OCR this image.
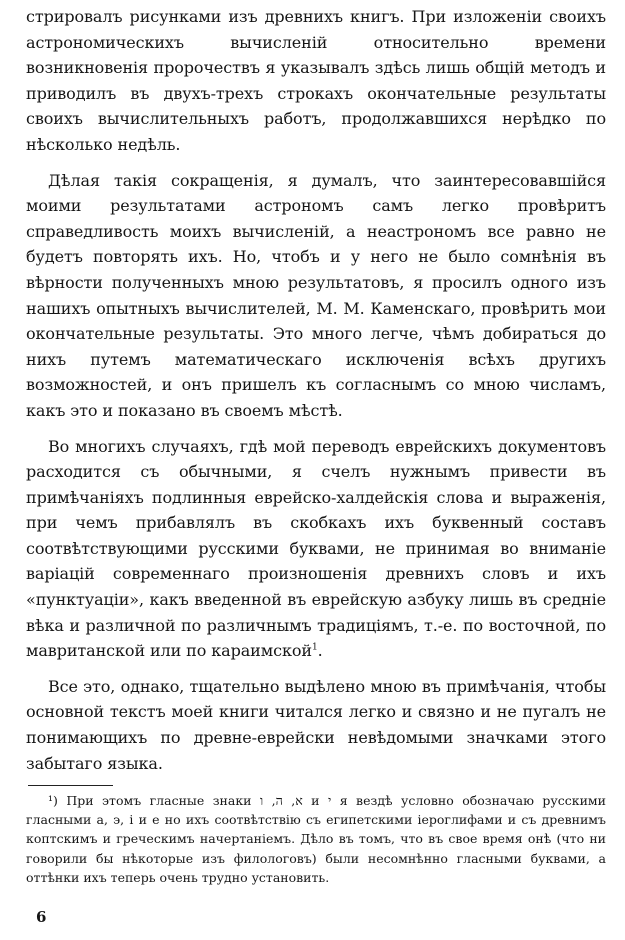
стрировалъ рисунками изъ древнихъ книгъ. При изложеніи своихъ астрономическихъ вычисленій относительно времени возникновенія пророчествъ я указывалъ здѣсь лишь общій методъ и приводилъ въ двухъ-трехъ строкахъ окончательные результаты своихъ вычислительныхъ работъ, продолжавшихся нерѣдко по нѣсколько недѣль.

Дѣлая такія сокращенія, я думалъ, что заинтересовавшійся моими результатами астрономъ самъ легко провѣритъ справедливость моихъ вычисленій, а неастрономъ все равно не будетъ повторять ихъ. Но, чтобъ и у него не было сомнѣнія въ вѣрности полученныхъ мною результатовъ, я просилъ одного изъ нашихъ опытныхъ вычислителей, М. М. Каменскаго, провѣрить мои окончательные результаты. Это много легче, чѣмъ добираться до нихъ путемъ математическаго исключенія всѣхъ другихъ возможностей, и онъ пришелъ къ согласнымъ со мною числамъ, какъ это и показано въ своемъ мѣстѣ.

Во многихъ случаяхъ, гдѣ мой переводъ еврейскихъ документовъ расходится съ обычными, я счелъ нужнымъ привести въ примѣчаніяхъ подлинныя еврейско-халдейскія слова и выраженія, при чемъ прибавлялъ въ скобкахъ ихъ буквенный составъ соотвѣтствующими русскими буквами, не принимая во вниманіе варіацій современнаго произношенія древнихъ словъ и ихъ «пунктуаціи», какъ введенной въ еврейскую азбуку лишь въ средніе вѣка и различной по различнымъ традиціямъ, т.-е. по восточной, по мавританской или по караимской$^1$.

Все это, однако, тщательно выдѣлено мною въ примѣчанія, чтобы основной текстъ моей книги читался легко и связно и не пугалъ не понимающихъ по древне-еврейски невѣдомыми значками этого забытаго языка.

¹) При этомъ гласные знаки א, ה, ו и י я вездѣ условно обозначаю русскими гласными а, э, і и е но ихъ соотвѣтствію съ египетскими іероглифами и съ древнимъ коптскимъ и греческимъ начертаніемъ. Дѣло въ томъ, что въ свое время онѣ (что ни говорили бы нѣкоторые изъ филологовъ) были несомнѣнно гласными буквами, а оттѣнки ихъ теперь очень трудно установить.
6
